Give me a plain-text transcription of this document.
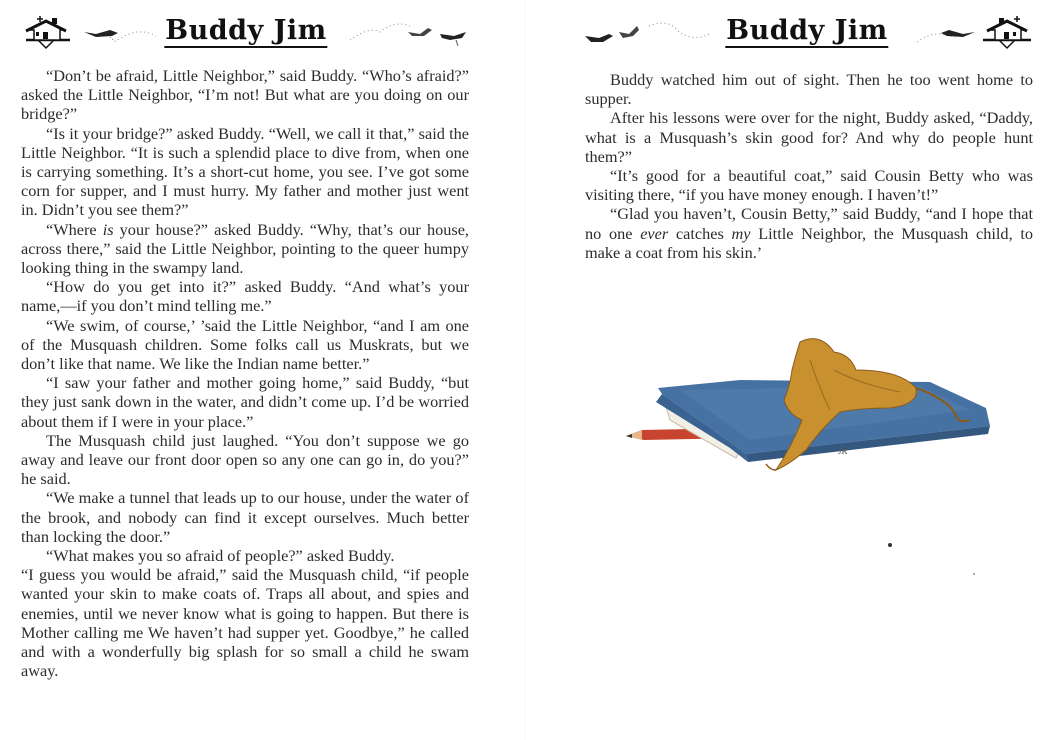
Buddy Jim

“Don’t be afraid, Little Neighbor,” said Buddy. “Who’s afraid?” asked the Little Neighbor, “I’m not! But what are you doing on our bridge?”

“Is it your bridge?” asked Buddy. “Well, we call it that,” said the Little Neighbor. “It is such a splendid place to dive from, when one is carrying something. It’s a short-cut home, you see. I’ve got some corn for supper, and I must hurry. My father and mother just went in. Didn’t you see them?”

“Where is your house?” asked Buddy. “Why, that’s our house, across there,” said the Little Neighbor, pointing to the queer humpy looking thing in the swampy land.

“How do you get into it?” asked Buddy. “And what’s your name,—if you don’t mind telling me.”

“We swim, of course,’ ’said the Little Neighbor, “and I am one of the Musquash children. Some folks call us Muskrats, but we don’t like that name. We like the Indian name better.”

“I saw your father and mother going home,” said Buddy, “but they just sank down in the water, and didn’t come up. I’d be worried about them if I were in your place.”

The Musquash child just laughed. “You don’t suppose we go away and leave our front door open so any one can go in, do you?” he said.

“We make a tunnel that leads up to our house, under the water of the brook, and nobody can find it except ourselves. Much better than locking the door.”

“What makes you so afraid of people?” asked Buddy.

“I guess you would be afraid,” said the Musquash child, “if people wanted your skin to make coats of. Traps all about, and spies and enemies, until we never know what is going to happen. But there is Mother calling me We haven’t had supper yet. Goodbye,” he called and with a wonderfully big splash for so small a child he swam away.

Buddy Jim

Buddy watched him out of sight. Then he too went home to supper.

After his lessons were over for the night, Buddy asked, “Daddy, what is a Musquash’s skin good for? And why do people hunt them?”

“It’s good for a beautiful coat,” said Cousin Betty who was visiting there, “if you have money enough. I haven’t!”

“Glad you haven’t, Cousin Betty,” said Buddy, “and I hope that no one ever catches my Little Neighbor, the Musquash child, to make a coat from his skin.’

JR
